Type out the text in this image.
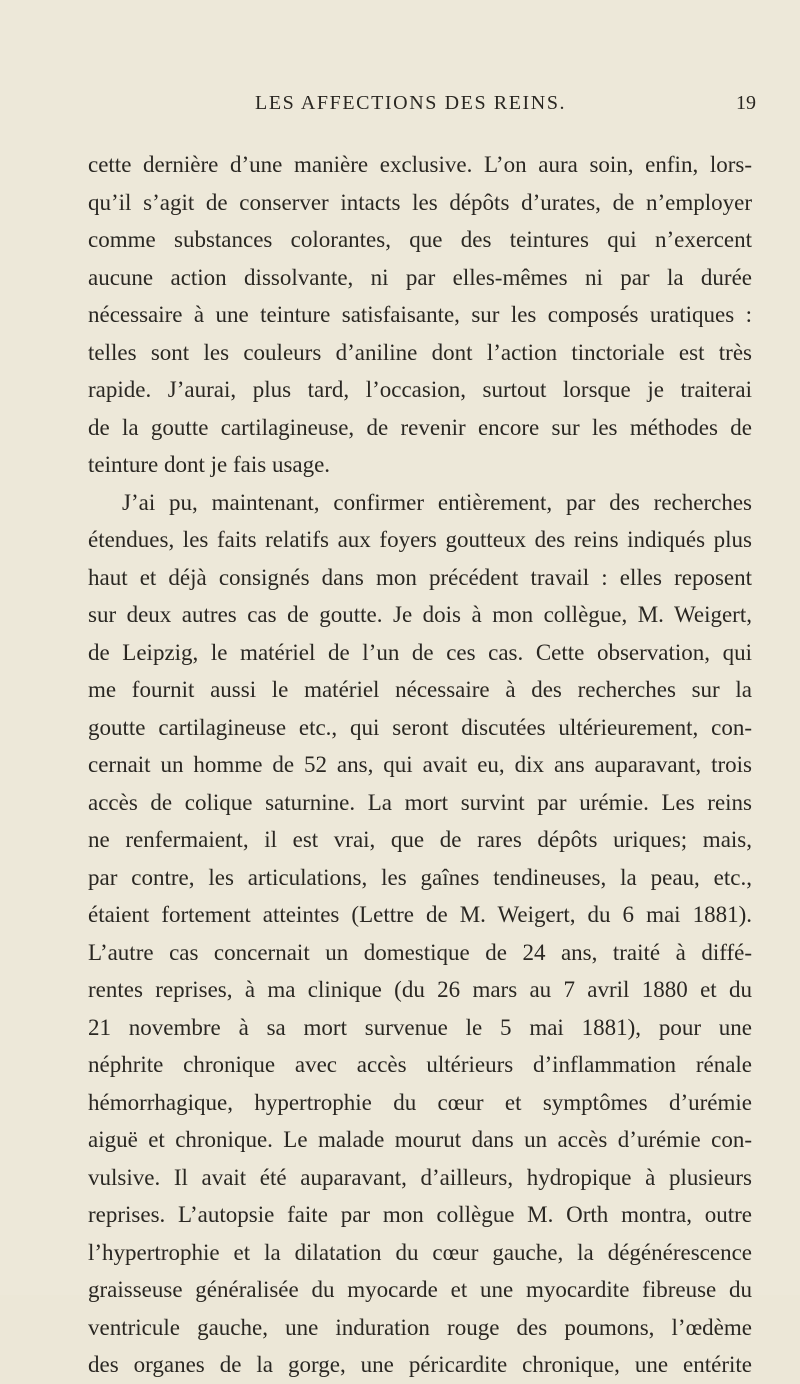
LES AFFECTIONS DES REINS.	19
cette dernière d’une manière exclusive. L’on aura soin, enfin, lors-
qu’il s’agit de conserver intacts les dépôts d’urates, de n’employer
comme substances colorantes, que des teintures qui n’exercent
aucune action dissolvante, ni par elles-mêmes ni par la durée
nécessaire à une teinture satisfaisante, sur les composés uratiques :
telles sont les couleurs d’aniline dont l’action tinctoriale est très
rapide. J’aurai, plus tard, l’occasion, surtout lorsque je traiterai
de la goutte cartilagineuse, de revenir encore sur les méthodes de
teinture dont je fais usage.
J’ai pu, maintenant, confirmer entièrement, par des recherches
étendues, les faits relatifs aux foyers goutteux des reins indiqués plus
haut et déjà consignés dans mon précédent travail : elles reposent
sur deux autres cas de goutte. Je dois à mon collègue, M. Weigert,
de Leipzig, le matériel de l’un de ces cas. Cette observation, qui
me fournit aussi le matériel nécessaire à des recherches sur la
goutte cartilagineuse etc., qui seront discutées ultérieurement, con-
cernait un homme de 52 ans, qui avait eu, dix ans auparavant, trois
accès de colique saturnine. La mort survint par urémie. Les reins
ne renfermaient, il est vrai, que de rares dépôts uriques; mais,
par contre, les articulations, les gaînes tendineuses, la peau, etc.,
étaient fortement atteintes (Lettre de M. Weigert, du 6 mai 1881).
L’autre cas concernait un domestique de 24 ans, traité à diffé-
rentes reprises, à ma clinique (du 26 mars au 7 avril 1880 et du
21 novembre à sa mort survenue le 5 mai 1881), pour une
néphrite chronique avec accès ultérieurs d’inflammation rénale
hémorrhagique, hypertrophie du cœur et symptômes d’urémie
aiguë et chronique. Le malade mourut dans un accès d’urémie con-
vulsive. Il avait été auparavant, d’ailleurs, hydropique à plusieurs
reprises. L’autopsie faite par mon collègue M. Orth montra, outre
l’hypertrophie et la dilatation du cœur gauche, la dégénérescence
graisseuse généralisée du myocarde et une myocardite fibreuse du
ventricule gauche, une induration rouge des poumons, l’œdème
des organes de la gorge, une péricardite chronique, une entérite
